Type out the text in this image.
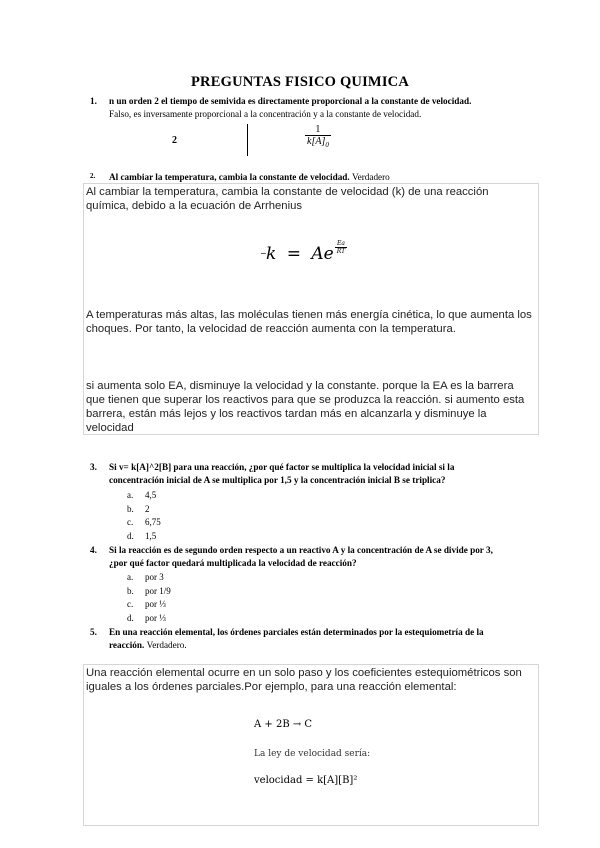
PREGUNTAS FISICO QUIMICA
1. n un orden 2 el tiempo de semivida es directamente proporcional a la constante de velocidad.
Falso, es inversamente proporcional a la concentración y a la constante de velocidad.
2	$\frac{1}{k[A]_0}$
2. Al cambiar la temperatura, cambia la constante de velocidad. Verdadero
Al cambiar la temperatura, cambia la constante de velocidad (k) de una reacción química, debido a la ecuación de Arrhenius
k = Ae
−
Ea
RT
A temperaturas más altas, las moléculas tienen más energía cinética, lo que aumenta los choques. Por tanto, la velocidad de reacción aumenta con la temperatura.
si aumenta solo EA, disminuye la velocidad y la constante. porque la EA es la barrera que tienen que superar los reactivos para que se produzca la reacción. si aumento esta barrera, están más lejos y los reactivos tardan más en alcanzarla y disminuye la velocidad
3. Si v= k[A]^2[B] para una reacción, ¿por qué factor se multiplica la velocidad inicial si la
concentración inicial de A se multiplica por 1,5 y la concentración inicial B se triplica?
a. 4,5
b. 2
c. 6,75
d. 1,5
4. Si la reacción es de segundo orden respecto a un reactivo A y la concentración de A se divide por 3,
¿por qué factor quedará multiplicada la velocidad de reacción?
a. por 3
b. por 1/9
c. por ⅓
d. por ⅓
5. En una reacción elemental, los órdenes parciales están determinados por la estequiometría de la
reacción. Verdadero.
Una reacción elemental ocurre en un solo paso y los coeficientes estequiométricos son iguales a los órdenes parciales.Por ejemplo, para una reacción elemental:
A + 2B → C
La ley de velocidad sería:
velocidad = k[A][B]²
